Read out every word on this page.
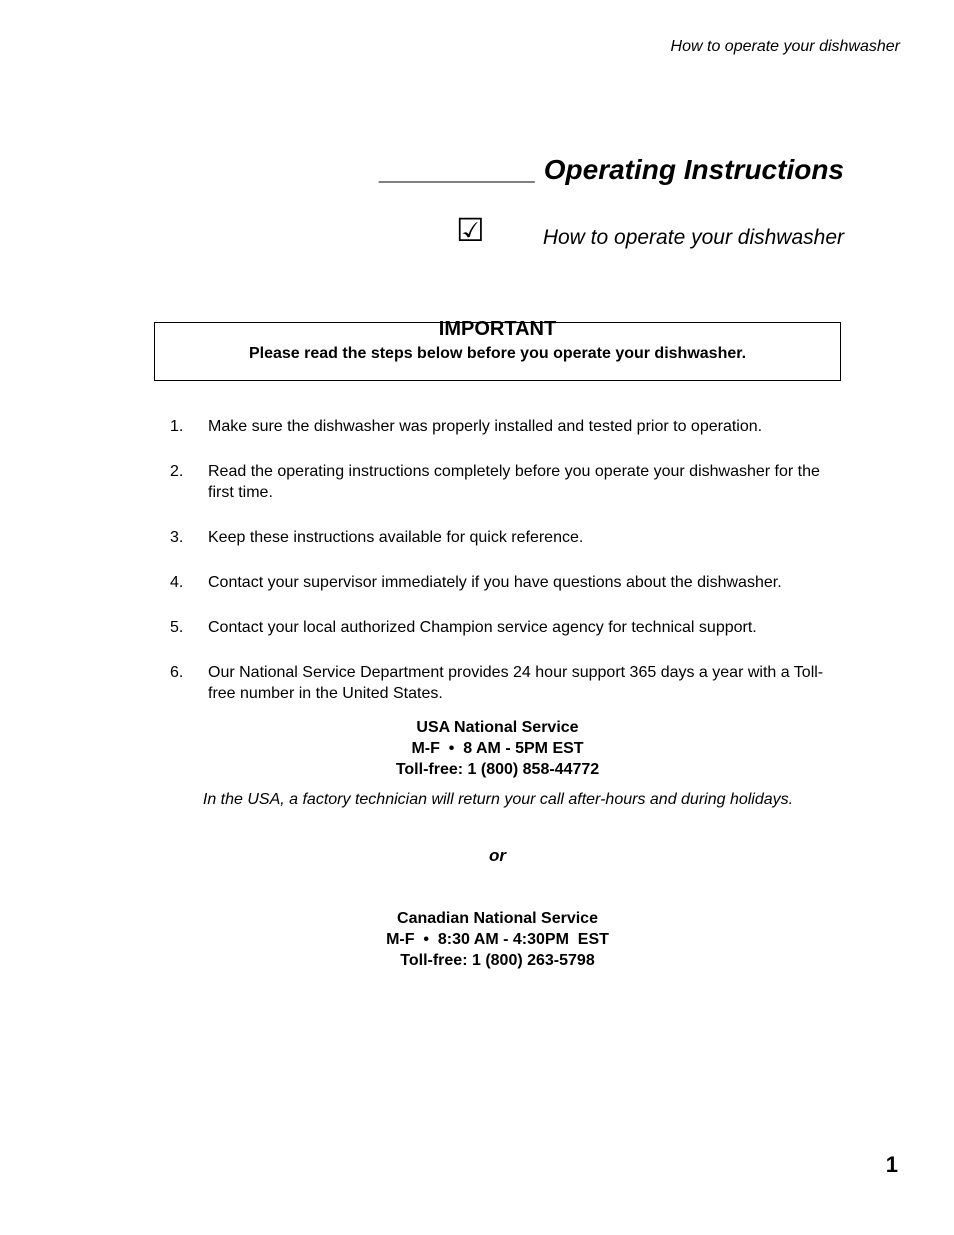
How to operate your dishwasher
__________ Operating Instructions
☑	How to operate your dishwasher
IMPORTANT
Please read the steps below before you operate your dishwasher.
1.	Make sure the dishwasher was properly installed and tested prior to operation.
2.	Read the operating instructions completely before you operate your dishwasher for the first time.
3.	Keep these instructions available for quick reference.
4.	Contact your supervisor immediately if you have questions about the dishwasher.
5.	Contact your local authorized Champion service agency for technical support.
6.	Our National Service Department provides 24 hour support 365 days a year with a Toll-free number in the United States.
USA National Service
M-F  •  8 AM - 5PM EST
Toll-free: 1 (800) 858-44772
In the USA, a factory technician will return your call after-hours and during holidays.
or
Canadian National Service
M-F  •  8:30 AM - 4:30PM  EST
Toll-free: 1 (800) 263-5798
1
